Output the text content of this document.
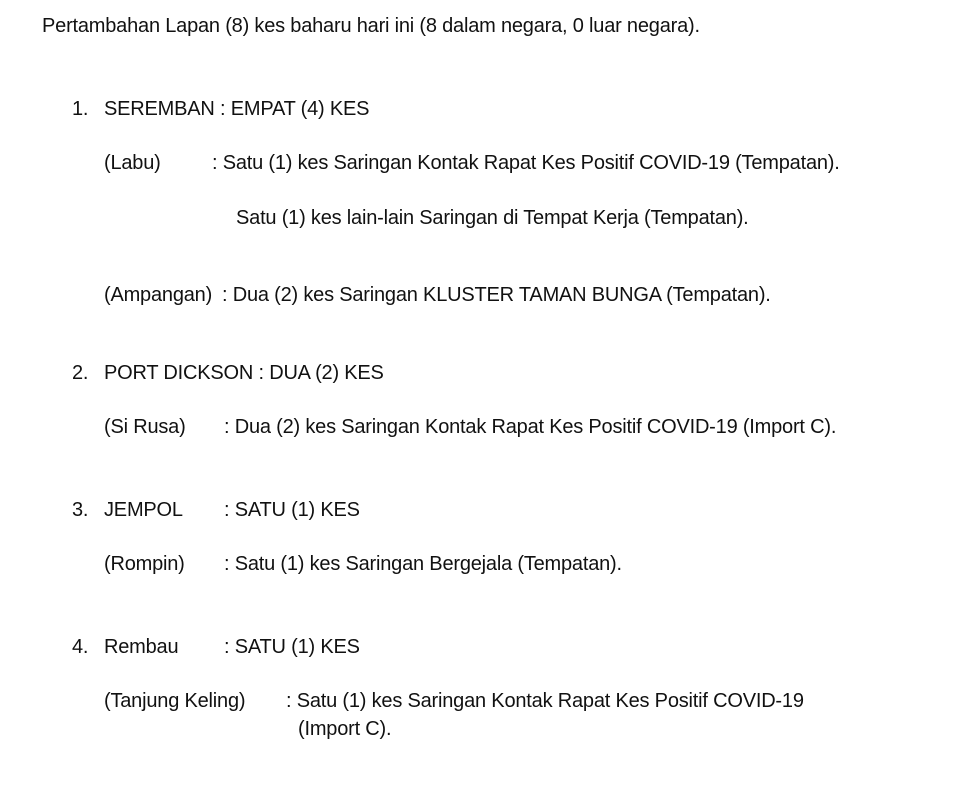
Pertambahan Lapan (8) kes baharu hari ini (8 dalam negara, 0 luar negara).
1. SEREMBAN : EMPAT (4) KES
(Labu)	: Satu (1) kes Saringan Kontak Rapat Kes Positif COVID-19 (Tempatan).
Satu (1) kes lain-lain Saringan di Tempat Kerja (Tempatan).
(Ampangan) : Dua (2) kes Saringan KLUSTER TAMAN BUNGA (Tempatan).
2. PORT DICKSON : DUA (2) KES
(Si Rusa) : Dua (2) kes Saringan Kontak Rapat Kes Positif COVID-19 (Import C).
3. JEMPOL : SATU (1) KES
(Rompin) : Satu (1) kes Saringan Bergejala (Tempatan).
4. Rembau : SATU (1) KES
(Tanjung Keling) : Satu (1) kes Saringan Kontak Rapat Kes Positif COVID-19
(Import C).
